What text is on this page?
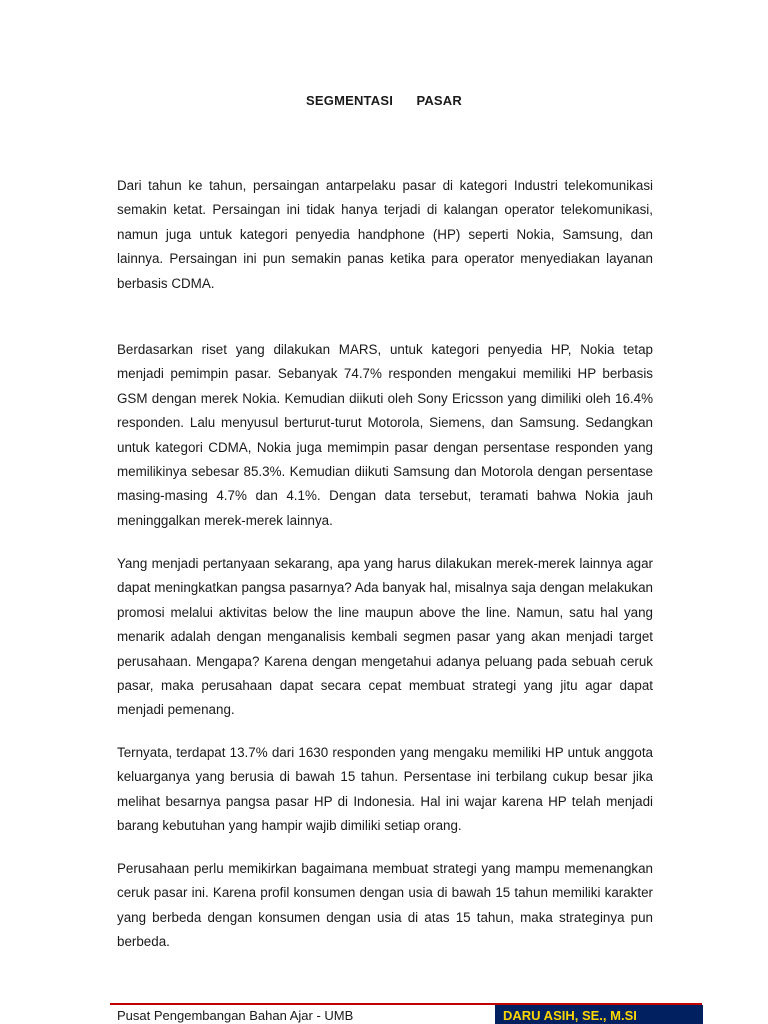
SEGMENTASI   PASAR

Dari tahun ke tahun, persaingan antarpelaku pasar di kategori Industri telekomunikasi semakin ketat. Persaingan ini tidak hanya terjadi di kalangan operator telekomunikasi, namun juga untuk kategori penyedia handphone (HP) seperti Nokia, Samsung, dan lainnya. Persaingan ini pun semakin panas ketika para operator menyediakan layanan berbasis CDMA.

Berdasarkan riset yang dilakukan MARS, untuk kategori penyedia HP, Nokia tetap menjadi pemimpin pasar. Sebanyak 74.7% responden mengakui memiliki HP berbasis GSM dengan merek Nokia. Kemudian diikuti oleh Sony Ericsson yang dimiliki oleh 16.4% responden. Lalu menyusul berturut-turut Motorola, Siemens, dan Samsung. Sedangkan untuk kategori CDMA, Nokia juga memimpin pasar dengan persentase responden yang memilikinya sebesar 85.3%. Kemudian diikuti Samsung dan Motorola dengan persentase masing-masing 4.7% dan 4.1%. Dengan data tersebut, teramati bahwa Nokia jauh meninggalkan merek-merek lainnya.

Yang menjadi pertanyaan sekarang, apa yang harus dilakukan merek-merek lainnya agar dapat meningkatkan pangsa pasarnya? Ada banyak hal, misalnya saja dengan melakukan promosi melalui aktivitas below the line maupun above the line. Namun, satu hal yang menarik adalah dengan menganalisis kembali segmen pasar yang akan menjadi target perusahaan. Mengapa? Karena dengan mengetahui adanya peluang pada sebuah ceruk pasar, maka perusahaan dapat secara cepat membuat strategi yang jitu agar dapat menjadi pemenang.

Ternyata, terdapat 13.7% dari 1630 responden yang mengaku memiliki HP untuk anggota keluarganya yang berusia di bawah 15 tahun. Persentase ini terbilang cukup besar jika melihat besarnya pangsa pasar HP di Indonesia. Hal ini wajar karena HP telah menjadi barang kebutuhan yang hampir wajib dimiliki setiap orang.

Perusahaan perlu memikirkan bagaimana membuat strategi yang mampu memenangkan ceruk pasar ini. Karena profil konsumen dengan usia di bawah 15 tahun memiliki karakter yang berbeda dengan konsumen dengan usia di atas 15 tahun, maka strateginya pun berbeda.

Pusat Pengembangan Bahan Ajar - UMB	DARU ASIH, SE., M.SI
